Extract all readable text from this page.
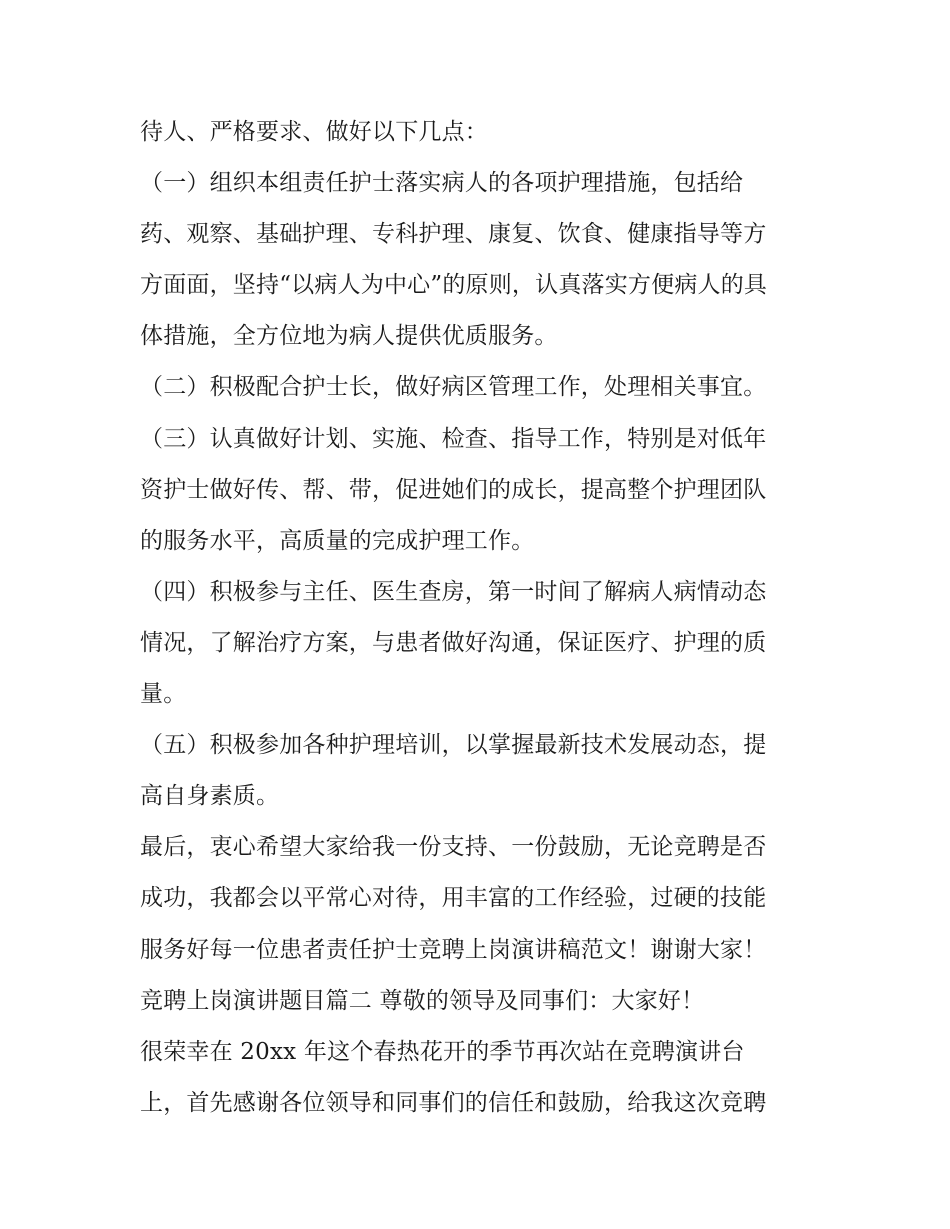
待人、严格要求、做好以下几点：
（一）组织本组责任护士落实病人的各项护理措施，包括给
药、观察、基础护理、专科护理、康复、饮食、健康指导等方
方面面，坚持“以病人为中心”的原则，认真落实方便病人的具
体措施，全方位地为病人提供优质服务。
（二）积极配合护士长，做好病区管理工作，处理相关事宜。
（三）认真做好计划、实施、检查、指导工作，特别是对低年
资护士做好传、帮、带，促进她们的成长，提高整个护理团队
的服务水平，高质量的完成护理工作。
（四）积极参与主任、医生查房，第一时间了解病人病情动态
情况，了解治疗方案，与患者做好沟通，保证医疗、护理的质
量。
（五）积极参加各种护理培训，以掌握最新技术发展动态，提
高自身素质。
最后，衷心希望大家给我一份支持、一份鼓励，无论竞聘是否
成功，我都会以平常心对待，用丰富的工作经验，过硬的技能
服务好每一位患者责任护士竞聘上岗演讲稿范文！谢谢大家！
竞聘上岗演讲题目篇二 尊敬的领导及同事们：大家好！
很荣幸在 20xx 年这个春热花开的季节再次站在竞聘演讲台
上，首先感谢各位领导和同事们的信任和鼓励，给我这次竞聘
